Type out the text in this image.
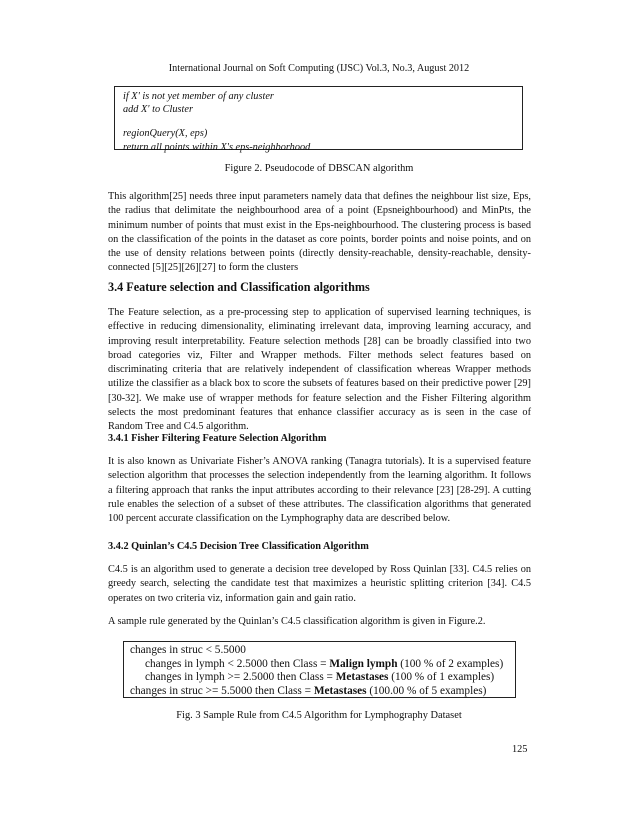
International Journal on Soft Computing (IJSC) Vol.3, No.3, August 2012
if X' is not yet member of any cluster
add X' to Cluster
regionQuery(X, eps)
return all points within X's eps-neighborhood
Figure 2. Pseudocode of DBSCAN algorithm

This algorithm[25] needs three input parameters namely data that defines the neighbour list size, Eps, the radius that delimitate the neighbourhood area of a point (Epsneighbourhood) and MinPts, the minimum number of points that must exist in the Eps-neighbourhood. The clustering process is based on the classification of the points in the dataset as core points, border points and noise points, and on the use of density relations between points (directly density-reachable, density-reachable, density-connected [5][25][26][27] to form the clusters

3.4 Feature selection and Classification algorithms

The Feature selection, as a pre-processing step to application of supervised learning techniques, is effective in reducing dimensionality, eliminating irrelevant data, improving learning accuracy, and improving result interpretability. Feature selection methods [28] can be broadly classified into two broad categories viz, Filter and Wrapper methods. Filter methods select features based on discriminating criteria that are relatively independent of classification whereas Wrapper methods utilize the classifier as a black box to score the subsets of features based on their predictive power [29][30-32]. We make use of wrapper methods for feature selection and the Fisher Filtering algorithm selects the most predominant features that enhance classifier accuracy as is seen in the case of Random Tree and C4.5 algorithm.

3.4.1 Fisher Filtering Feature Selection Algorithm

It is also known as Univariate Fisher’s ANOVA ranking (Tanagra tutorials). It is a supervised feature selection algorithm that processes the selection independently from the learning algorithm. It follows a filtering approach that ranks the input attributes according to their relevance [23] [28-29]. A cutting rule enables the selection of a subset of these attributes. The classification algorithms that generated 100 percent accurate classification on the Lymphography data are described below.

3.4.2 Quinlan’s C4.5 Decision Tree Classification Algorithm

C4.5 is an algorithm used to generate a decision tree developed by Ross Quinlan [33]. C4.5 relies on greedy search, selecting the candidate test that maximizes a heuristic splitting criterion [34]. C4.5 operates on two criteria viz, information gain and gain ratio.

A sample rule generated by the Quinlan’s C4.5 classification algorithm is given in Figure.2.

changes in struc < 5.5000
changes in lymph < 2.5000 then Class = Malign lymph (100 % of 2 examples)
changes in lymph >= 2.5000 then Class = Metastases (100 % of 1 examples)
changes in struc >= 5.5000 then Class = Metastases (100.00 % of 5 examples)
Fig. 3 Sample Rule from C4.5 Algorithm for Lymphography Dataset
125
